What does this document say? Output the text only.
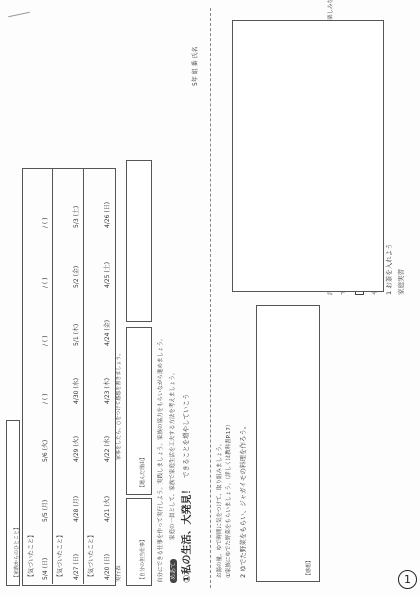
5年 組 番 氏名
①私の生活、大発見！
できることを増やしていこう
めあて
家庭の一員として、家族で家庭生活を工夫する方法を考えましょう。
自分にできる仕事を作って実行しよう。実践しましょう。家族の協力をもらいながら進めましょう。
【自分の担当仕事】
【選んだ理由】
実行表
家事をしたら、○をつけて感想を書きましょう。
4/20 (日)
4/21 (火)
4/22 (水)
4/23 (木)
4/24 (金)
4/25 (土)
4/26 (日)
【気づいたこと】
4/27 (日)
4/28 (月)
4/29 (火)
4/30 (水)
5/1 (木)
5/2 (金)
5/3 (土)
【気づいたこと】
5/4 (日)
5/5 (月)
5/6 (火)
/ ( )
/ ( )
/ ( )
/ ( )
【気づいたこと】
【家族からのひとこと】
家庭実習
1 お茶を入れよう
【感想】
2 ゆでた野菜をもらい、ジャガイモの料理を作ろう。
①家族にゆでた野菜をもらいましょう。（詳しくは教科書P.17）
お湯の量、ゆで時間に気をつけて、取り組みましょう。
1
